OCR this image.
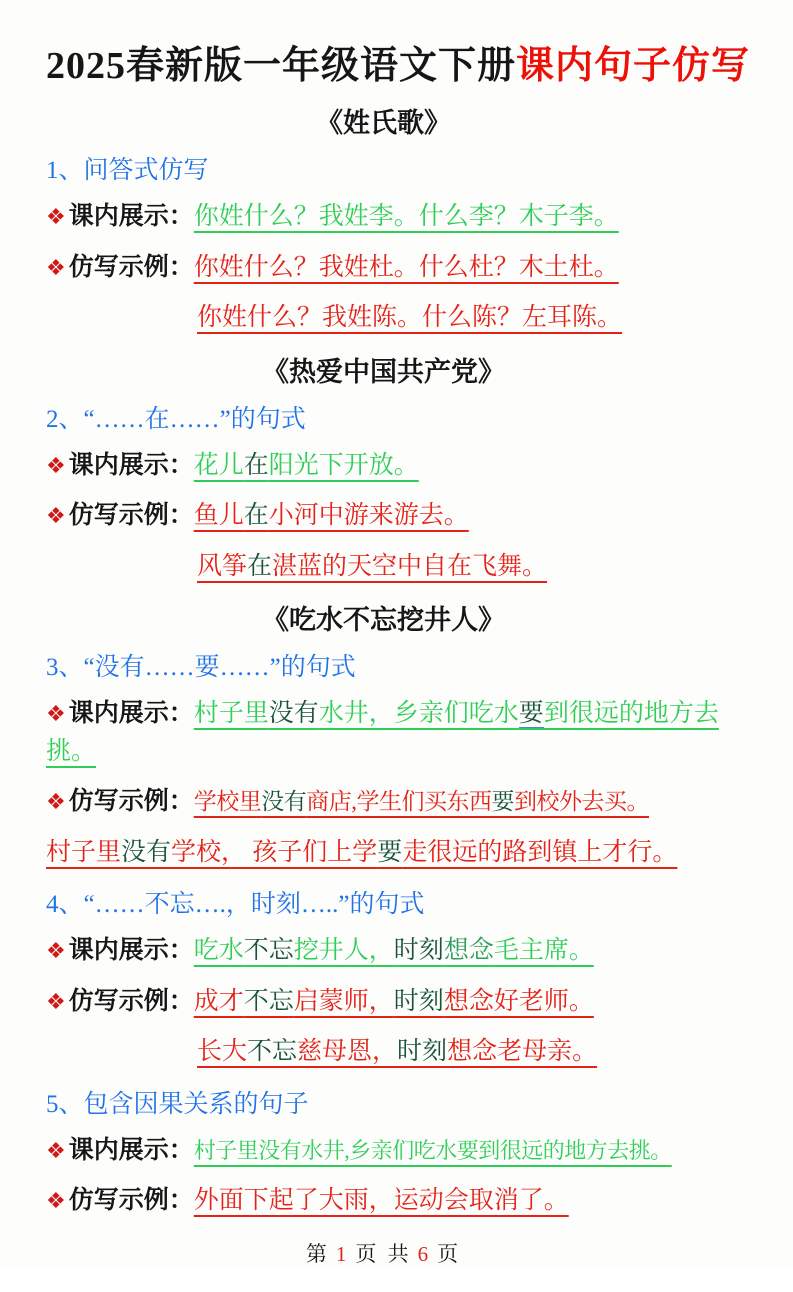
2025春新版一年级语文下册课内句子仿写
《姓氏歌》
1、问答式仿写

❖ 课内展示：你姓什么？我姓李。什么李？木子李。

❖ 仿写示例：你姓什么？我姓杜。什么杜？木土杜。

你姓什么？我姓陈。什么陈？左耳陈。

《热爱中国共产党》
2、“……在……”的句式

❖ 课内展示：花儿在阳光下开放。

❖ 仿写示例：鱼儿在小河中游来游去。

风筝在湛蓝的天空中自在飞舞。

《吃水不忘挖井人》
3、“没有……要……”的句式

❖ 课内展示：村子里没有水井，乡亲们吃水要到很远的地方去挑。

❖ 仿写示例：学校里没有商店,学生们买东西要到校外去买。

村子里没有学校， 孩子们上学要走很远的路到镇上才行。

4、“……不忘….，时刻…..”的句式

❖ 课内展示：吃水不忘挖井人，时刻想念毛主席。

❖ 仿写示例：成才不忘启蒙师，时刻想念好老师。

长大不忘慈母恩，时刻想念老母亲。

5、包含因果关系的句子

❖ 课内展示：村子里没有水井,乡亲们吃水要到很远的地方去挑。

❖ 仿写示例：外面下起了大雨，运动会取消了。

第 1 页 共 6 页
